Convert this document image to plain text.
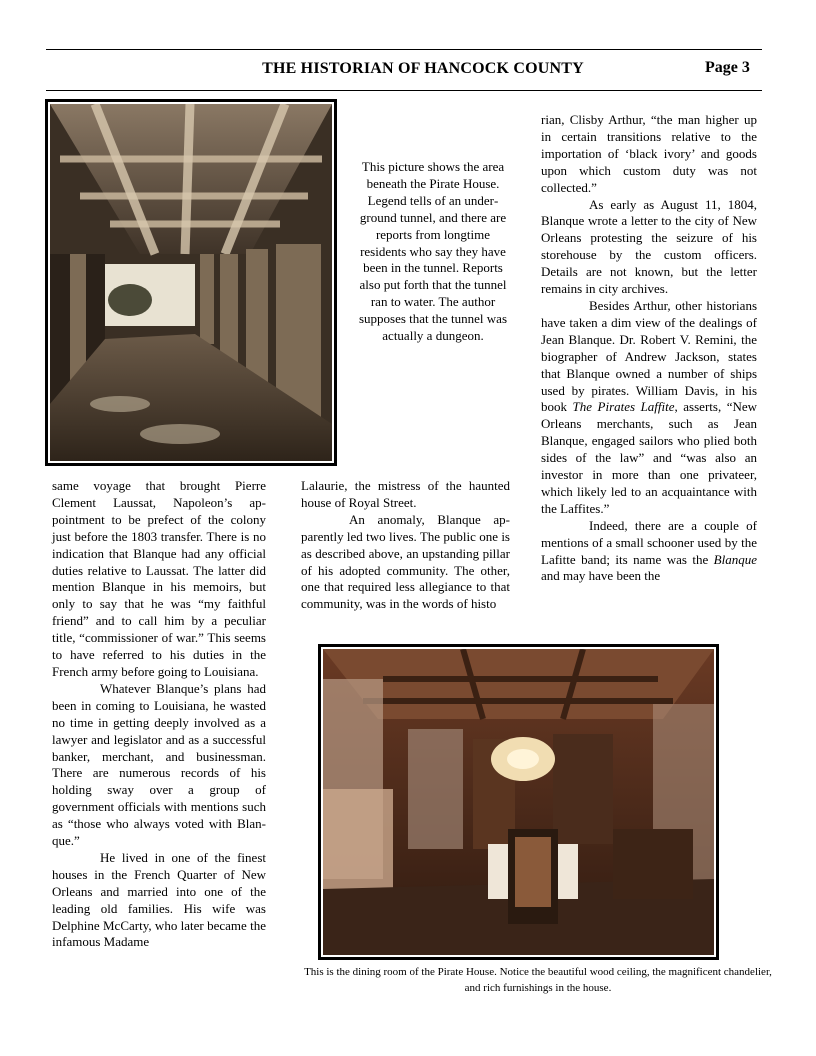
THE HISTORIAN OF HANCOCK COUNTY	Page 3
This picture shows the area beneath the Pirate House. Legend tells of an underground tunnel, and there are reports from longtime residents who say they have been in the tunnel. Reports also put forth that the tunnel ran to water. The author supposes that the tunnel was actually a dungeon.

same voyage that brought Pierre Clement Laussat, Napoleon’s appointment to be prefect of the colony just before the 1803 transfer. There is no indication that Blanque had any official duties relative to Laussat. The latter did mention Blanque in his memoirs, but only to say that he was “my faithful friend” and to call him by a peculiar title, “commissioner of war.” This seems to have referred to his duties in the French army before going to Louisiana.

Whatever Blanque’s plans had been in coming to Louisiana, he wasted no time in getting deeply involved as a lawyer and legislator and as a successful banker, merchant, and businessman. There are numerous records of his holding sway over a group of government officials with mentions such as “those who always voted with Blanque.”

He lived in one of the finest houses in the French Quarter of New Orleans and married into one of the leading old families. His wife was Delphine McCarty, who later became the infamous Madame

Lalaurie, the mistress of the haunted house of Royal Street.

An anomaly, Blanque apparently led two lives. The public one is as described above, an upstanding pillar of his adopted community. The other, one that required less allegiance to that community, was in the words of histo

rian, Clisby Arthur, “the man higher up in certain transitions relative to the importation of ‘black ivory’ and goods upon which custom duty was not collected.”

As early as August 11, 1804, Blanque wrote a letter to the city of New Orleans protesting the seizure of his storehouse by the custom officers. Details are not known, but the letter remains in city archives.

Besides Arthur, other historians have taken a dim view of the dealings of Jean Blanque. Dr. Robert V. Remini, the biographer of Andrew Jackson, states that Blanque owned a number of ships used by pirates. William Davis, in his book The Pirates Laffite, asserts, “New Orleans merchants, such as Jean Blanque, engaged sailors who plied both sides of the law” and “was also an investor in more than one privateer, which likely led to an acquaintance with the Laffites.”

Indeed, there are a couple of mentions of a small schooner used by the Lafitte band; its name was the Blanque and may have been the

This is the dining room of the Pirate House. Notice the beautiful wood ceiling, the magnificent chandelier, and rich furnishings in the house.
